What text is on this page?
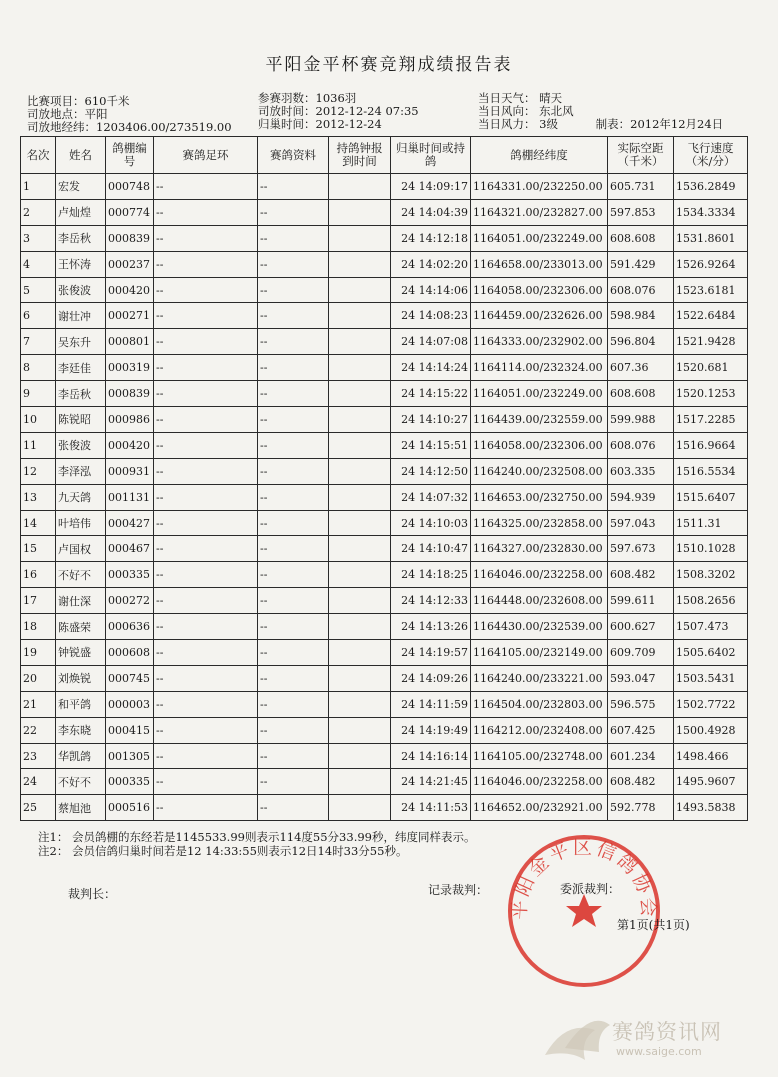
平阳金平杯赛竞翔成绩报告表
比赛项目：610千米
司放地点：平阳
司放地经纬：1203406.00/273519.00
参赛羽数：1036羽
司放时间：2012-12-24 07:35
归巢时间：2012-12-24
当日天气： 晴天
当日风向： 东北风
当日风力： 3级	制表：2012年12月24日
名次	姓名	鸽棚编号	赛鸽足环	赛鸽资料	持鸽钟报到时间	归巢时间或持鸽	鸽棚经纬度	实际空距（千米）	飞行速度（米/分）
1	宏发	000748	--	--		24 14:09:17	1164331.00/232250.00	605.731	1536.2849
2	卢灿煌	000774	--	--		24 14:04:39	1164321.00/232827.00	597.853	1534.3334
3	李岳秋	000839	--	--		24 14:12:18	1164051.00/232249.00	608.608	1531.8601
4	王怀涛	000237	--	--		24 14:02:20	1164658.00/233013.00	591.429	1526.9264
5	张俊波	000420	--	--		24 14:14:06	1164058.00/232306.00	608.076	1523.6181
6	谢壮冲	000271	--	--		24 14:08:23	1164459.00/232626.00	598.984	1522.6484
7	吴东升	000801	--	--		24 14:07:08	1164333.00/232902.00	596.804	1521.9428
8	李廷佳	000319	--	--		24 14:14:24	1164114.00/232324.00	607.36	1520.681
9	李岳秋	000839	--	--		24 14:15:22	1164051.00/232249.00	608.608	1520.1253
10	陈锐昭	000986	--	--		24 14:10:27	1164439.00/232559.00	599.988	1517.2285
11	张俊波	000420	--	--		24 14:15:51	1164058.00/232306.00	608.076	1516.9664
12	李泽泓	000931	--	--		24 14:12:50	1164240.00/232508.00	603.335	1516.5534
13	九天鸽	001131	--	--		24 14:07:32	1164653.00/232750.00	594.939	1515.6407
14	叶培伟	000427	--	--		24 14:10:03	1164325.00/232858.00	597.043	1511.31
15	卢国权	000467	--	--		24 14:10:47	1164327.00/232830.00	597.673	1510.1028
16	不好不	000335	--	--		24 14:18:25	1164046.00/232258.00	608.482	1508.3202
17	谢仕深	000272	--	--		24 14:12:33	1164448.00/232608.00	599.611	1508.2656
18	陈盛荣	000636	--	--		24 14:13:26	1164430.00/232539.00	600.627	1507.473
19	钟锐盛	000608	--	--		24 14:19:57	1164105.00/232149.00	609.709	1505.6402
20	刘焕锐	000745	--	--		24 14:09:26	1164240.00/233221.00	593.047	1503.5431
21	和平鸽	000003	--	--		24 14:11:59	1164504.00/232803.00	596.575	1502.7722
22	李东晓	000415	--	--		24 14:19:49	1164212.00/232408.00	607.425	1500.4928
23	华凯鸽	001305	--	--		24 14:16:14	1164105.00/232748.00	601.234	1498.466
24	不好不	000335	--	--		24 14:21:45	1164046.00/232258.00	608.482	1495.9607
25	蔡旭池	000516	--	--		24 14:11:53	1164652.00/232921.00	592.778	1493.5838
注1： 会员鸽棚的东经若是1145533.99则表示114度55分33.99秒，纬度同样表示。
注2： 会员信鸽归巢时间若是12 14:33:55则表示12日14时33分55秒。
裁判长：	记录裁判：	委派裁判：
第1页(共1页)
平阳金平区信鸽协会
赛鸽资讯网
www.saige.com
